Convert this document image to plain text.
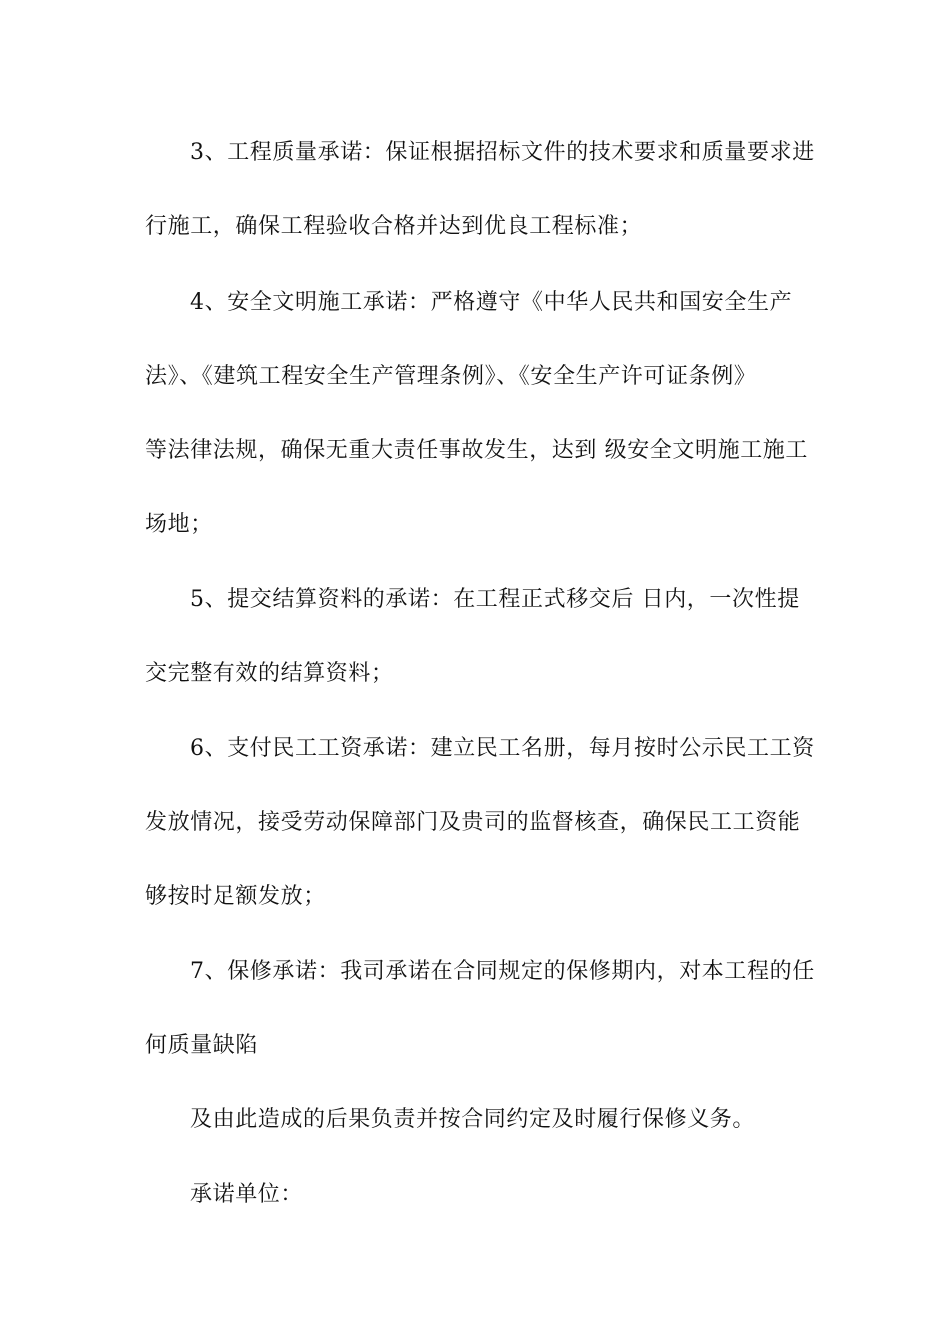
3、工程质量承诺：保证根据招标文件的技术要求和质量要求进
行施工，确保工程验收合格并达到优良工程标准；
4、安全文明施工承诺：严格遵守《中华人民共和国安全生产
法》、《建筑工程安全生产管理条例》、《安全生产许可证条例》
等法律法规，确保无重大责任事故发生，达到 级安全文明施工施工
场地；
5、提交结算资料的承诺：在工程正式移交后 日内，一次性提
交完整有效的结算资料；
6、支付民工工资承诺：建立民工名册，每月按时公示民工工资
发放情况，接受劳动保障部门及贵司的监督核查，确保民工工资能
够按时足额发放；
7、保修承诺：我司承诺在合同规定的保修期内，对本工程的任
何质量缺陷
及由此造成的后果负责并按合同约定及时履行保修义务。
承诺单位：
